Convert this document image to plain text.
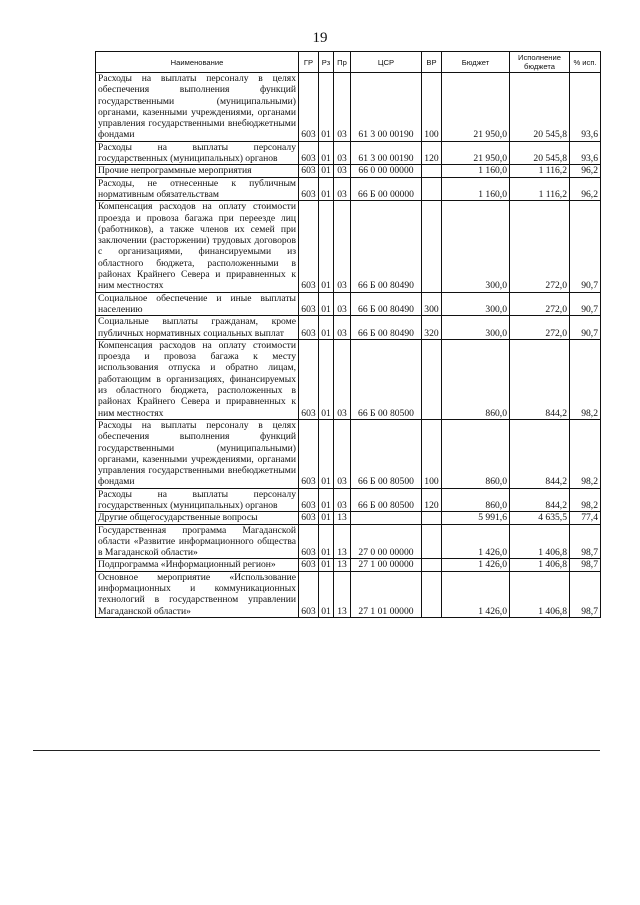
19
Наименование	ГР	Рз	Пр	ЦСР	ВР	Бюджет	Исполнение бюджета	% исп.
Расходы на выплаты персоналу в целях обеспечения выполнения функций государственными (муниципальными) органами, казенными учреждениями, органами управления государственными внебюджетными фондами	603	01	03	61 3 00 00190	100	21 950,0	20 545,8	93,6
Расходы на выплаты персоналу государственных (муниципальных) органов	603	01	03	61 3 00 00190	120	21 950,0	20 545,8	93,6
Прочие непрограммные мероприятия	603	01	03	66 0 00 00000		1 160,0	1 116,2	96,2
Расходы, не отнесенные к публичным нормативным обязательствам	603	01	03	66 Б 00 00000		1 160,0	1 116,2	96,2
Компенсация расходов на оплату стоимости проезда и провоза багажа при переезде лиц (работников), а также членов их семей при заключении (расторжении) трудовых договоров с организациями, финансируемыми из областного бюджета, расположенными в районах Крайнего Севера и приравненных к ним местностях	603	01	03	66 Б 00 80490		300,0	272,0	90,7
Социальное обеспечение и иные выплаты населению	603	01	03	66 Б 00 80490	300	300,0	272,0	90,7
Социальные выплаты гражданам, кроме публичных нормативных социальных выплат	603	01	03	66 Б 00 80490	320	300,0	272,0	90,7
Компенсация расходов на оплату стоимости проезда и провоза багажа к месту использования отпуска и обратно лицам, работающим в организациях, финансируемых из областного бюджета, расположенных в районах Крайнего Севера и приравненных к ним местностях	603	01	03	66 Б 00 80500		860,0	844,2	98,2
Расходы на выплаты персоналу в целях обеспечения выполнения функций государственными (муниципальными) органами, казенными учреждениями, органами управления государственными внебюджетными фондами	603	01	03	66 Б 00 80500	100	860,0	844,2	98,2
Расходы на выплаты персоналу государственных (муниципальных) органов	603	01	03	66 Б 00 80500	120	860,0	844,2	98,2
Другие общегосударственные вопросы	603	01	13			5 991,6	4 635,5	77,4
Государственная программа Магаданской области «Развитие информационного общества в Магаданской области»	603	01	13	27 0 00 00000		1 426,0	1 406,8	98,7
Подпрограмма «Информационный регион»	603	01	13	27 1 00 00000		1 426,0	1 406,8	98,7
Основное мероприятие «Использование информационных и коммуникационных технологий в государственном управлении Магаданской области»	603	01	13	27 1 01 00000		1 426,0	1 406,8	98,7
